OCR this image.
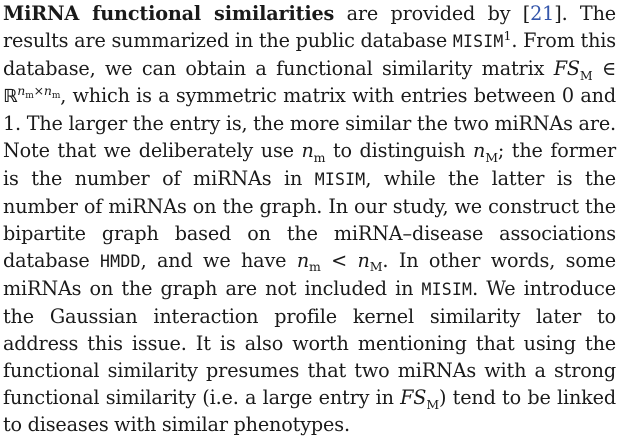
MiRNA functional similarities are provided by [21]. The results are summarized in the public database MISIM$^1$. From this database, we can obtain a functional similarity matrix $FS_M$ ∈ ℝ$^{nm\times nm}$, which is a symmetric matrix with entries between 0 and 1. The larger the entry is, the more similar the two miRNAs are. Note that we deliberately use $n_m$ to distinguish $n_M$; the former is the number of miRNAs in MISIM, while the latter is the number of miRNAs on the graph. In our study, we construct the bipartite graph based on the miRNA–disease associations database HMDD, and we have $n_m < n_M$. In other words, some miRNAs on the graph are not included in MISIM. We introduce the Gaussian interaction profile kernel similarity later to address this issue. It is also worth mentioning that using the functional similarity presumes that two miRNAs with a strong functional similarity (i.e. a large entry in $FS_M$) tend to be linked to diseases with similar phenotypes.
